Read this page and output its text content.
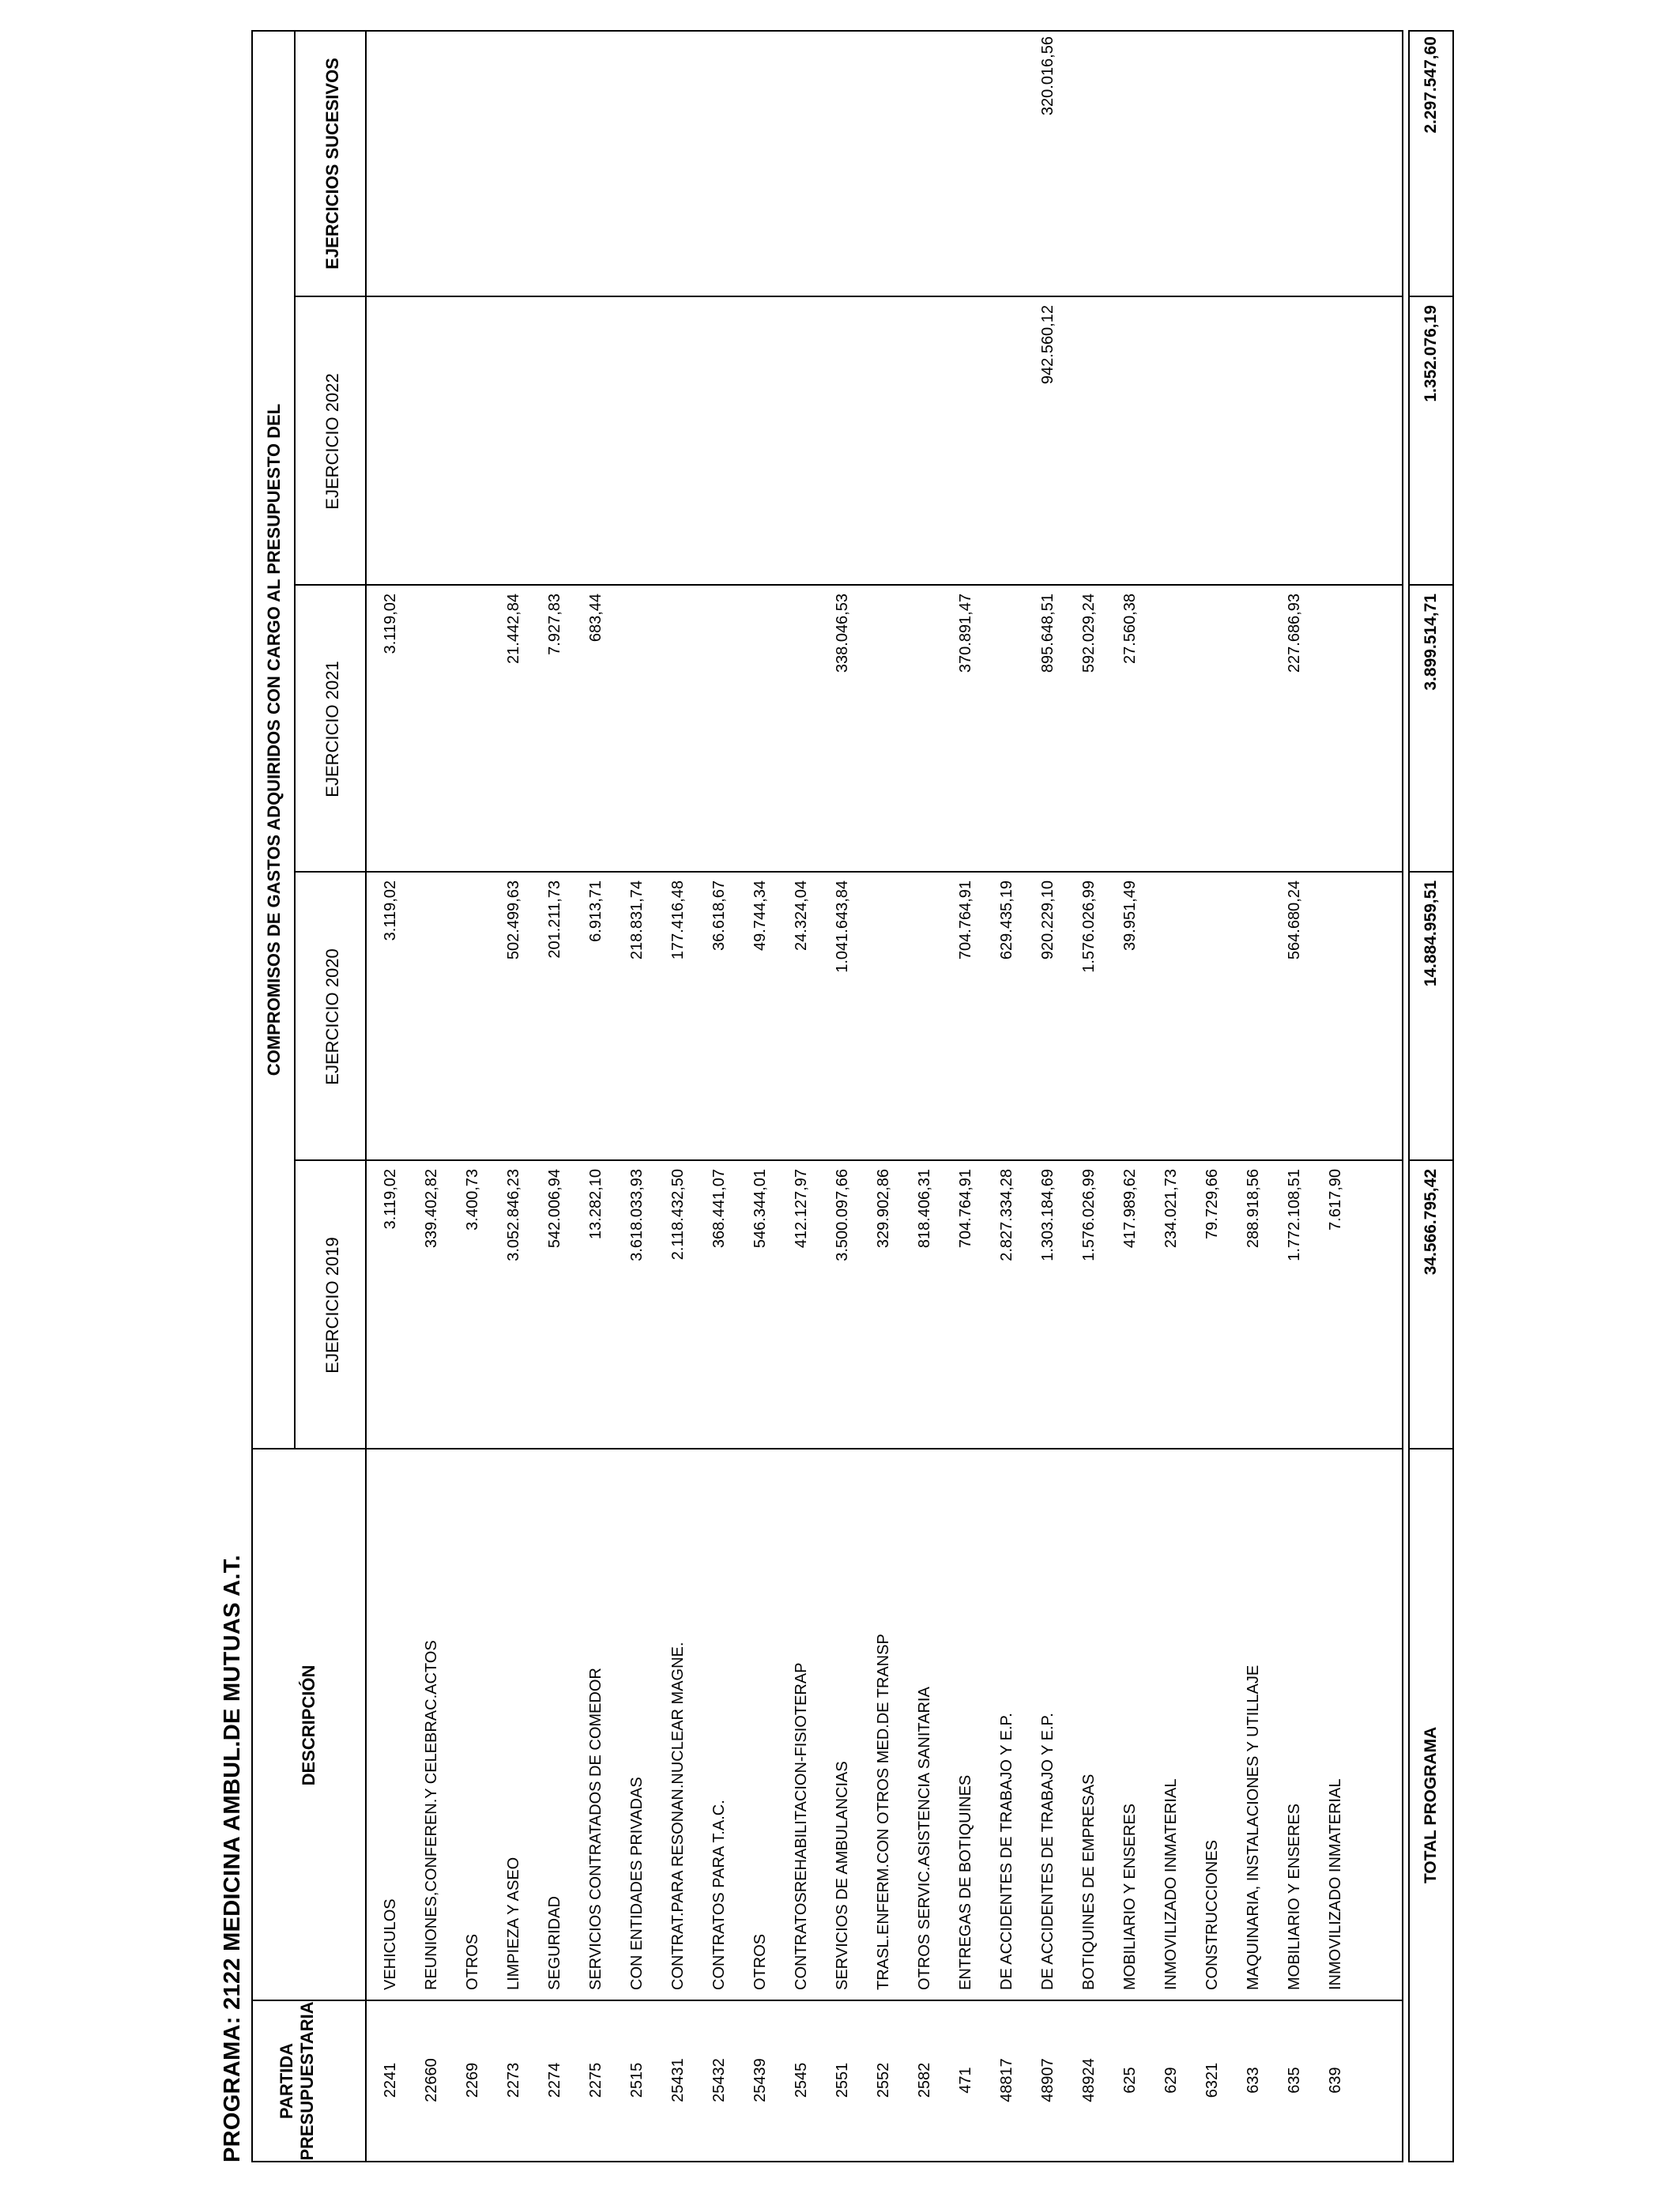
PROGRAMA: 2122 MEDICINA AMBUL.DE MUTUAS A.T. PARTIDA PRESUPUESTARIA
DESCRIPCIÓN
COMPROMISOS DE GASTOS ADQUIRIDOS CON CARGO AL PRESUPUESTO DEL
EJERCICIO 2019
EJERCICIO 2020
EJERCICIO 2021
EJERCICIO 2022
EJERCICIOS SUCESIVOS
2241
VEHICULOS
3.119,02
3.119,02
3.119,02
22660
REUNIONES,CONFEREN.Y CELEBRAC.ACTOS
339.402,82
2269
OTROS
3.400,73
2273
LIMPIEZA Y ASEO
3.052.846,23
502.499,63
21.442,84
2274
SEGURIDAD
542.006,94
201.211,73
7.927,83
2275
SERVICIOS CONTRATADOS DE COMEDOR
13.282,10
6.913,71
683,44
2515
CON ENTIDADES PRIVADAS
3.618.033,93
218.831,74
25431
CONTRAT.PARA RESONAN.NUCLEAR MAGNE.
2.118.432,50
177.416,48
25432
CONTRATOS PARA T.A.C.
368.441,07
36.618,67
25439
OTROS
546.344,01
49.744,34
2545
CONTRATOSREHABILITACION-FISIOTERAP
412.127,97
24.324,04
2551
SERVICIOS DE AMBULANCIAS
3.500.097,66
1.041.643,84
338.046,53
2552
TRASL.ENFERM.CON OTROS MED.DE TRANSP
329.902,86
2582
OTROS SERVIC.ASISTENCIA SANITARIA
818.406,31
471
ENTREGAS DE BOTIQUINES
704.764,91
704.764,91
370.891,47
48817
DE ACCIDENTES DE TRABAJO Y E.P.
2.827.334,28
629.435,19
48907
DE ACCIDENTES DE TRABAJO Y E.P.
1.303.184,69
920.229,10
895.648,51
942.560,12
320.016,56
48924
BOTIQUINES DE EMPRESAS
1.576.026,99
1.576.026,99
592.029,24
625
MOBILIARIO Y ENSERES
417.989,62
39.951,49
27.560,38
629
INMOVILIZADO INMATERIAL
234.021,73
6321
CONSTRUCCIONES
79.729,66
633
MAQUINARIA, INSTALACIONES Y UTILLAJE
288.918,56
635
MOBILIARIO Y ENSERES
1.772.108,51
564.680,24
227.686,93
639
INMOVILIZADO INMATERIAL
7.617,90
TOTAL PROGRAMA
34.566.795,42
14.884.959,51
3.899.514,71
1.352.076,19
2.297.547,60
